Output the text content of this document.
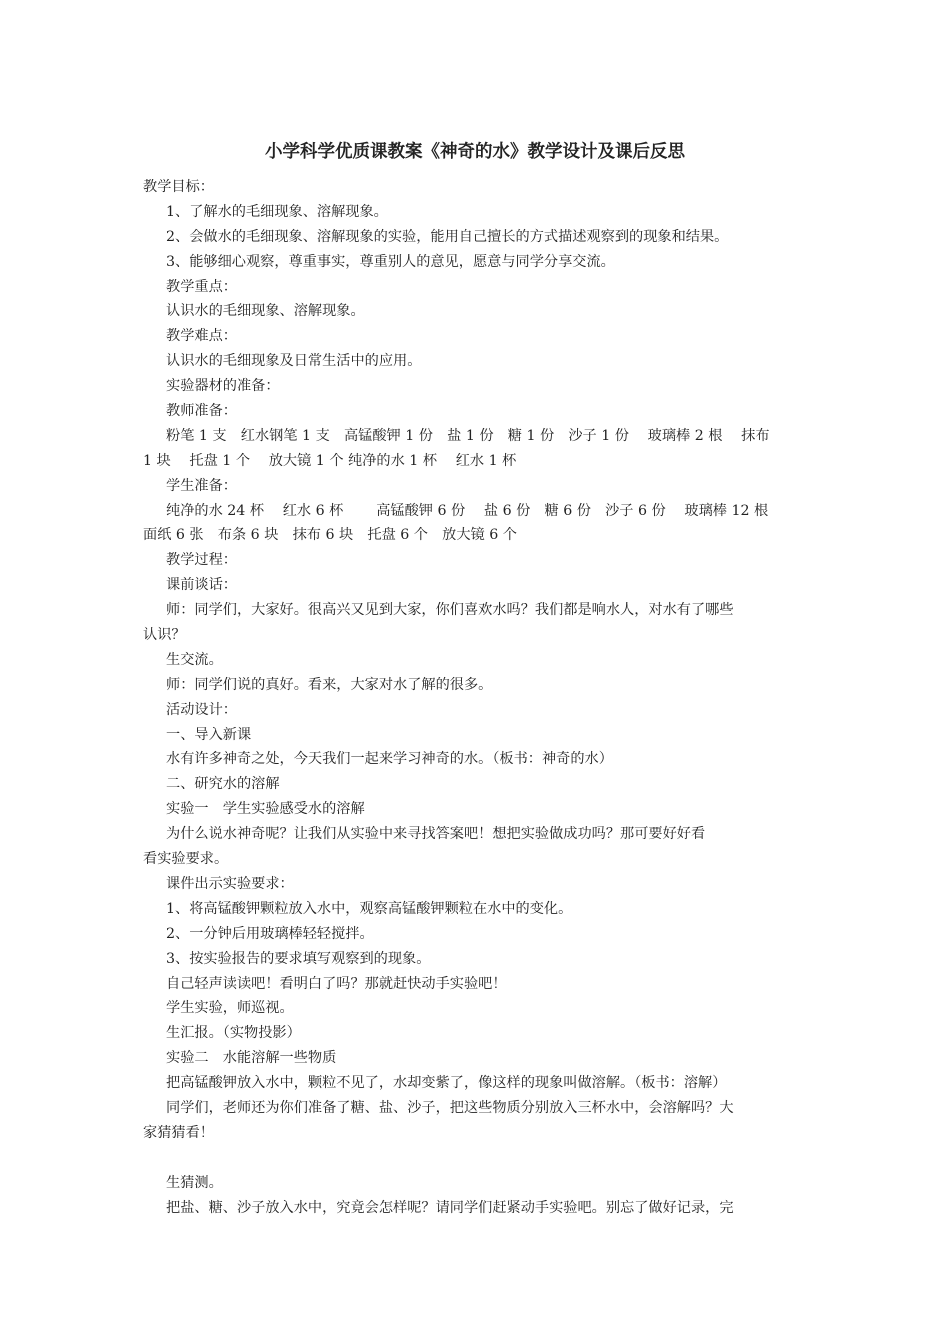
小学科学优质课教案《神奇的水》教学设计及课后反思
教学目标：
1、了解水的毛细现象、溶解现象。
2、会做水的毛细现象、溶解现象的实验，能用自己擅长的方式描述观察到的现象和结果。
3、能够细心观察，尊重事实，尊重别人的意见，愿意与同学分享交流。
教学重点：
认识水的毛细现象、溶解现象。
教学难点：
认识水的毛细现象及日常生活中的应用。
实验器材的准备：
教师准备：
粉笔 1 支　红水钢笔 1 支　高锰酸钾 1 份　盐 1 份　糖 1 份　沙子 1 份　 玻璃棒 2 根　 抹布
1 块　 托盘 1 个　 放大镜 1 个 纯净的水 1 杯　 红水 1 杯
学生准备：
纯净的水 24 杯　 红水 6 杯　　 高锰酸钾 6 份　 盐 6 份　糖 6 份　沙子 6 份　 玻璃棒 12 根
面纸 6 张　布条 6 块　抹布 6 块　托盘 6 个　放大镜 6 个
教学过程：
课前谈话：
师：同学们，大家好。很高兴又见到大家，你们喜欢水吗？我们都是响水人，对水有了哪些
认识？
生交流。
师：同学们说的真好。看来，大家对水了解的很多。
活动设计：
一、导入新课
水有许多神奇之处，今天我们一起来学习神奇的水。（板书：神奇的水）
二、研究水的溶解
实验一　学生实验感受水的溶解
为什么说水神奇呢？让我们从实验中来寻找答案吧！想把实验做成功吗？那可要好好看
看实验要求。
课件出示实验要求：
1、将高锰酸钾颗粒放入水中，观察高锰酸钾颗粒在水中的变化。
2、一分钟后用玻璃棒轻轻搅拌。
3、按实验报告的要求填写观察到的现象。
自己轻声读读吧！看明白了吗？那就赶快动手实验吧！
学生实验，师巡视。
生汇报。（实物投影）
实验二　水能溶解一些物质
把高锰酸钾放入水中，颗粒不见了，水却变紫了，像这样的现象叫做溶解。（板书：溶解）
同学们，老师还为你们准备了糖、盐、沙子，把这些物质分别放入三杯水中，会溶解吗？大
家猜猜看！
生猜测。
把盐、糖、沙子放入水中，究竟会怎样呢？请同学们赶紧动手实验吧。别忘了做好记录，完
